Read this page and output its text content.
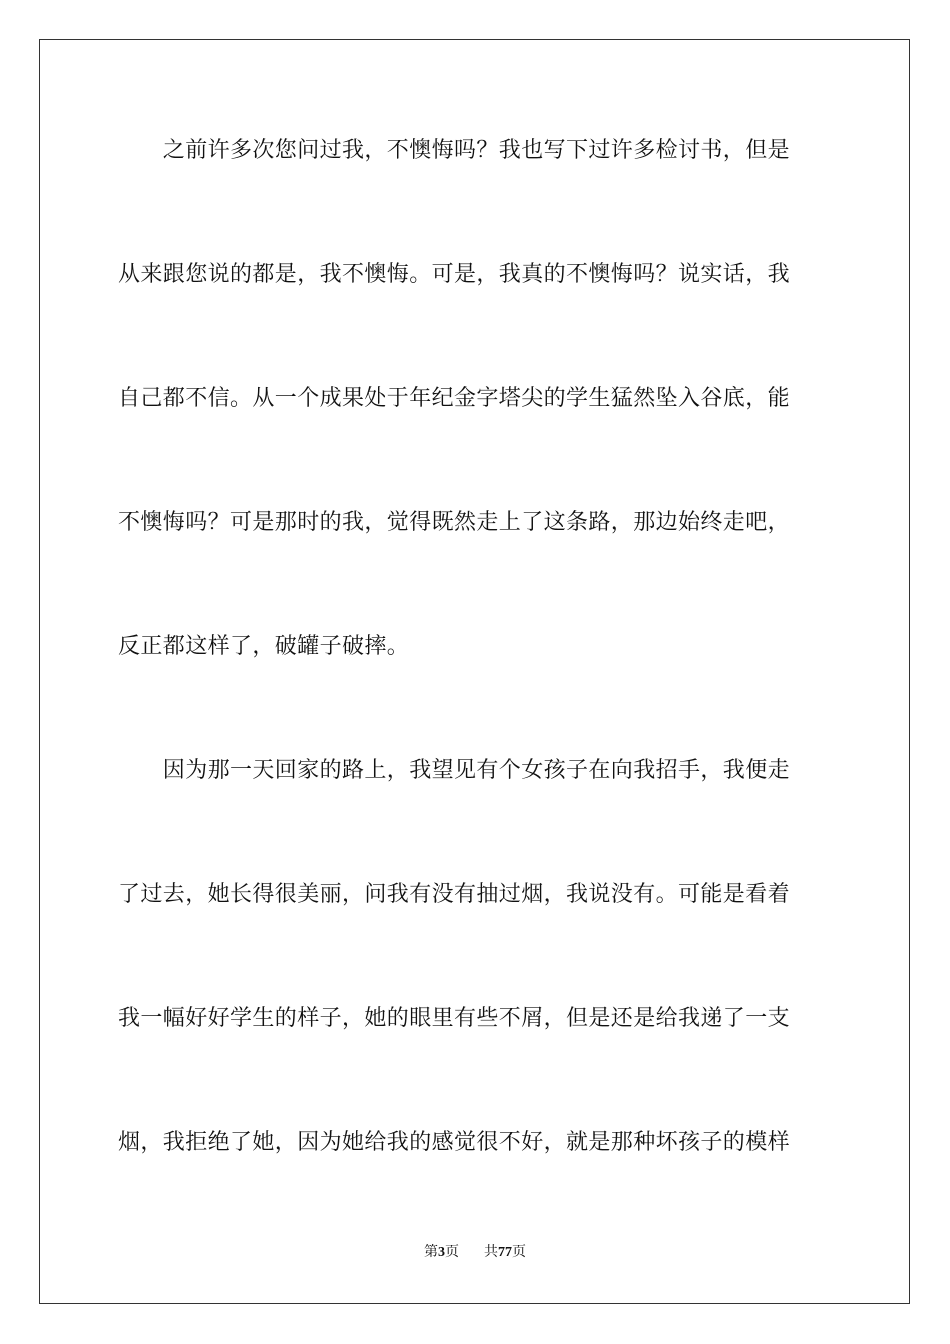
　　之前许多次您问过我，不懊悔吗？我也写下过许多检讨书，但是
从来跟您说的都是，我不懊悔。可是，我真的不懊悔吗？说实话，我
自己都不信。从一个成果处于年纪金字塔尖的学生猛然坠入谷底，能
不懊悔吗？可是那时的我，觉得既然走上了这条路，那边始终走吧，
反正都这样了，破罐子破摔。
　　因为那一天回家的路上，我望见有个女孩子在向我招手，我便走
了过去，她长得很美丽，问我有没有抽过烟，我说没有。可能是看着
我一幅好好学生的样子，她的眼里有些不屑，但是还是给我递了一支
烟，我拒绝了她，因为她给我的感觉很不好，就是那种坏孩子的模样
第3页 共77页
